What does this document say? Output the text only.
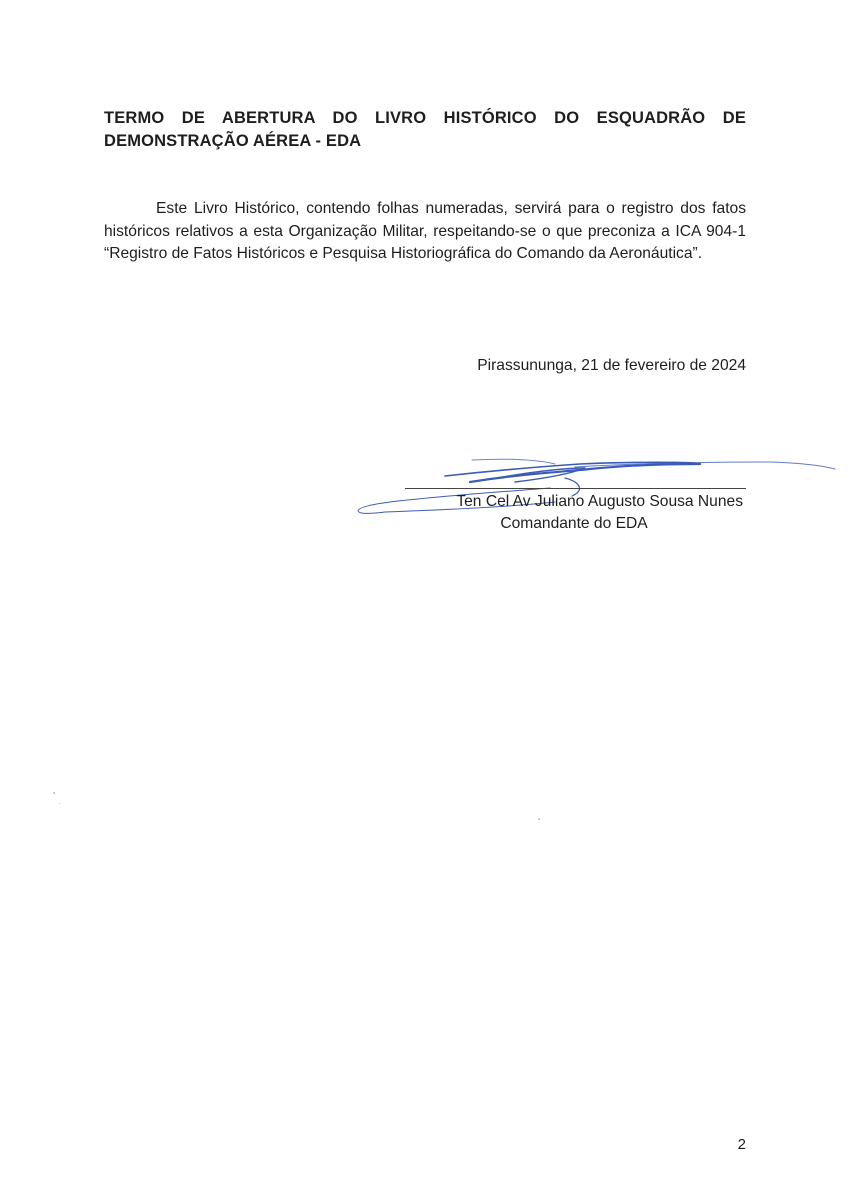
TERMO DE ABERTURA DO LIVRO HISTÓRICO DO ESQUADRÃO DE DEMONSTRAÇÃO AÉREA - EDA

Este Livro Histórico, contendo folhas numeradas, servirá para o registro dos fatos históricos relativos a esta Organização Militar, respeitando-se o que preconiza a ICA 904-1 “Registro de Fatos Históricos e Pesquisa Historiográfica do Comando da Aeronáutica”.

Pirassununga, 21 de fevereiro de 2024

Ten Cel Av Juliano Augusto Sousa Nunes

Comandante do EDA

2
